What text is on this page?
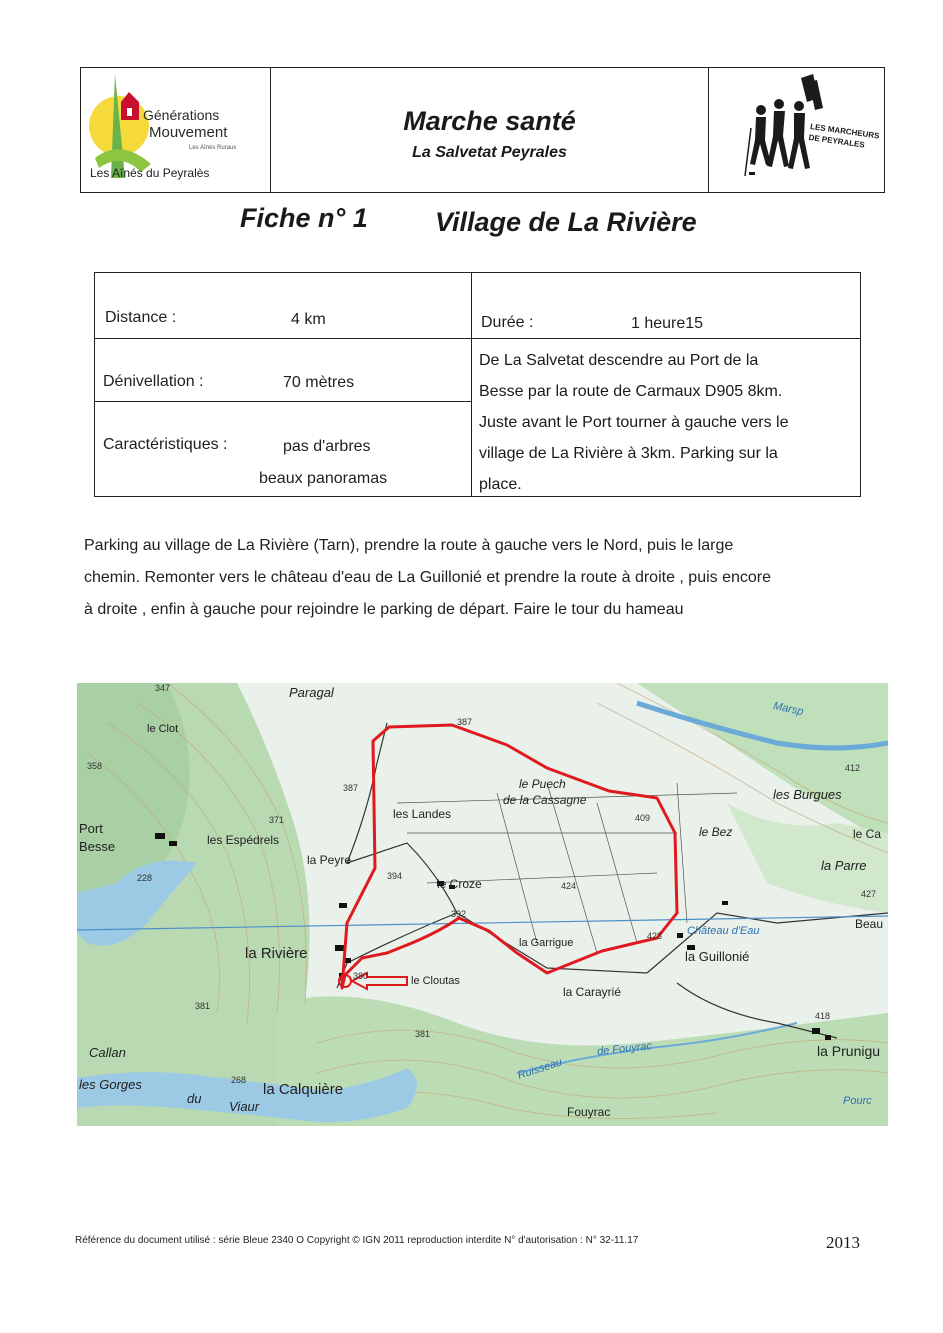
Générations
Mouvement
Les Aînés Ruraux
Les Aînés du Peyralès
Marche santé
La Salvetat Peyrales
LES MARCHEURS DE PEYRALES
Fiche n° 1 Village de La Rivière
Distance :	4 km	Durée :	1 heure15
Dénivellation :	70 mètres
Caractéristiques :	pas d'arbres
beaux panoramas
De La Salvetat descendre au Port de la
Besse par la route de Carmaux D905 8km.
Juste avant le Port tourner à gauche vers le
village de La Rivière à 3km. Parking sur la
place.
Parking au village de La Rivière (Tarn), prendre la route à gauche vers le Nord, puis le large
chemin. Remonter vers le château d'eau de La Guillonié et prendre la route à droite , puis encore
à droite , enfin à gauche pour rejoindre le parking de départ. Faire le tour du hameau
Paragal
le Clot
Port
Besse	les Espédrels
les Landes
la Peyre
le Puech
de la Cassagne	les Burgues
le Bez	le Ca
la Parre
Beau
le Croze
la Rivière
la Garrigue
Château d'Eau
la Guillonié
le Cloutas
la Carayrié
Callan
la Calquière
les Gorges
du
Viaur	Fouyrac
Ruisseau
de Fouyrac	la Prunigu
Marsp
Pourc
347
387
358
387
371
228	394
392
424
409
412
427
423
380
381
381
268
418
Référence du document utilisé : série Bleue 2340 O Copyright © IGN 2011 reproduction interdite N° d'autorisation : N° 32-11.17	2013
